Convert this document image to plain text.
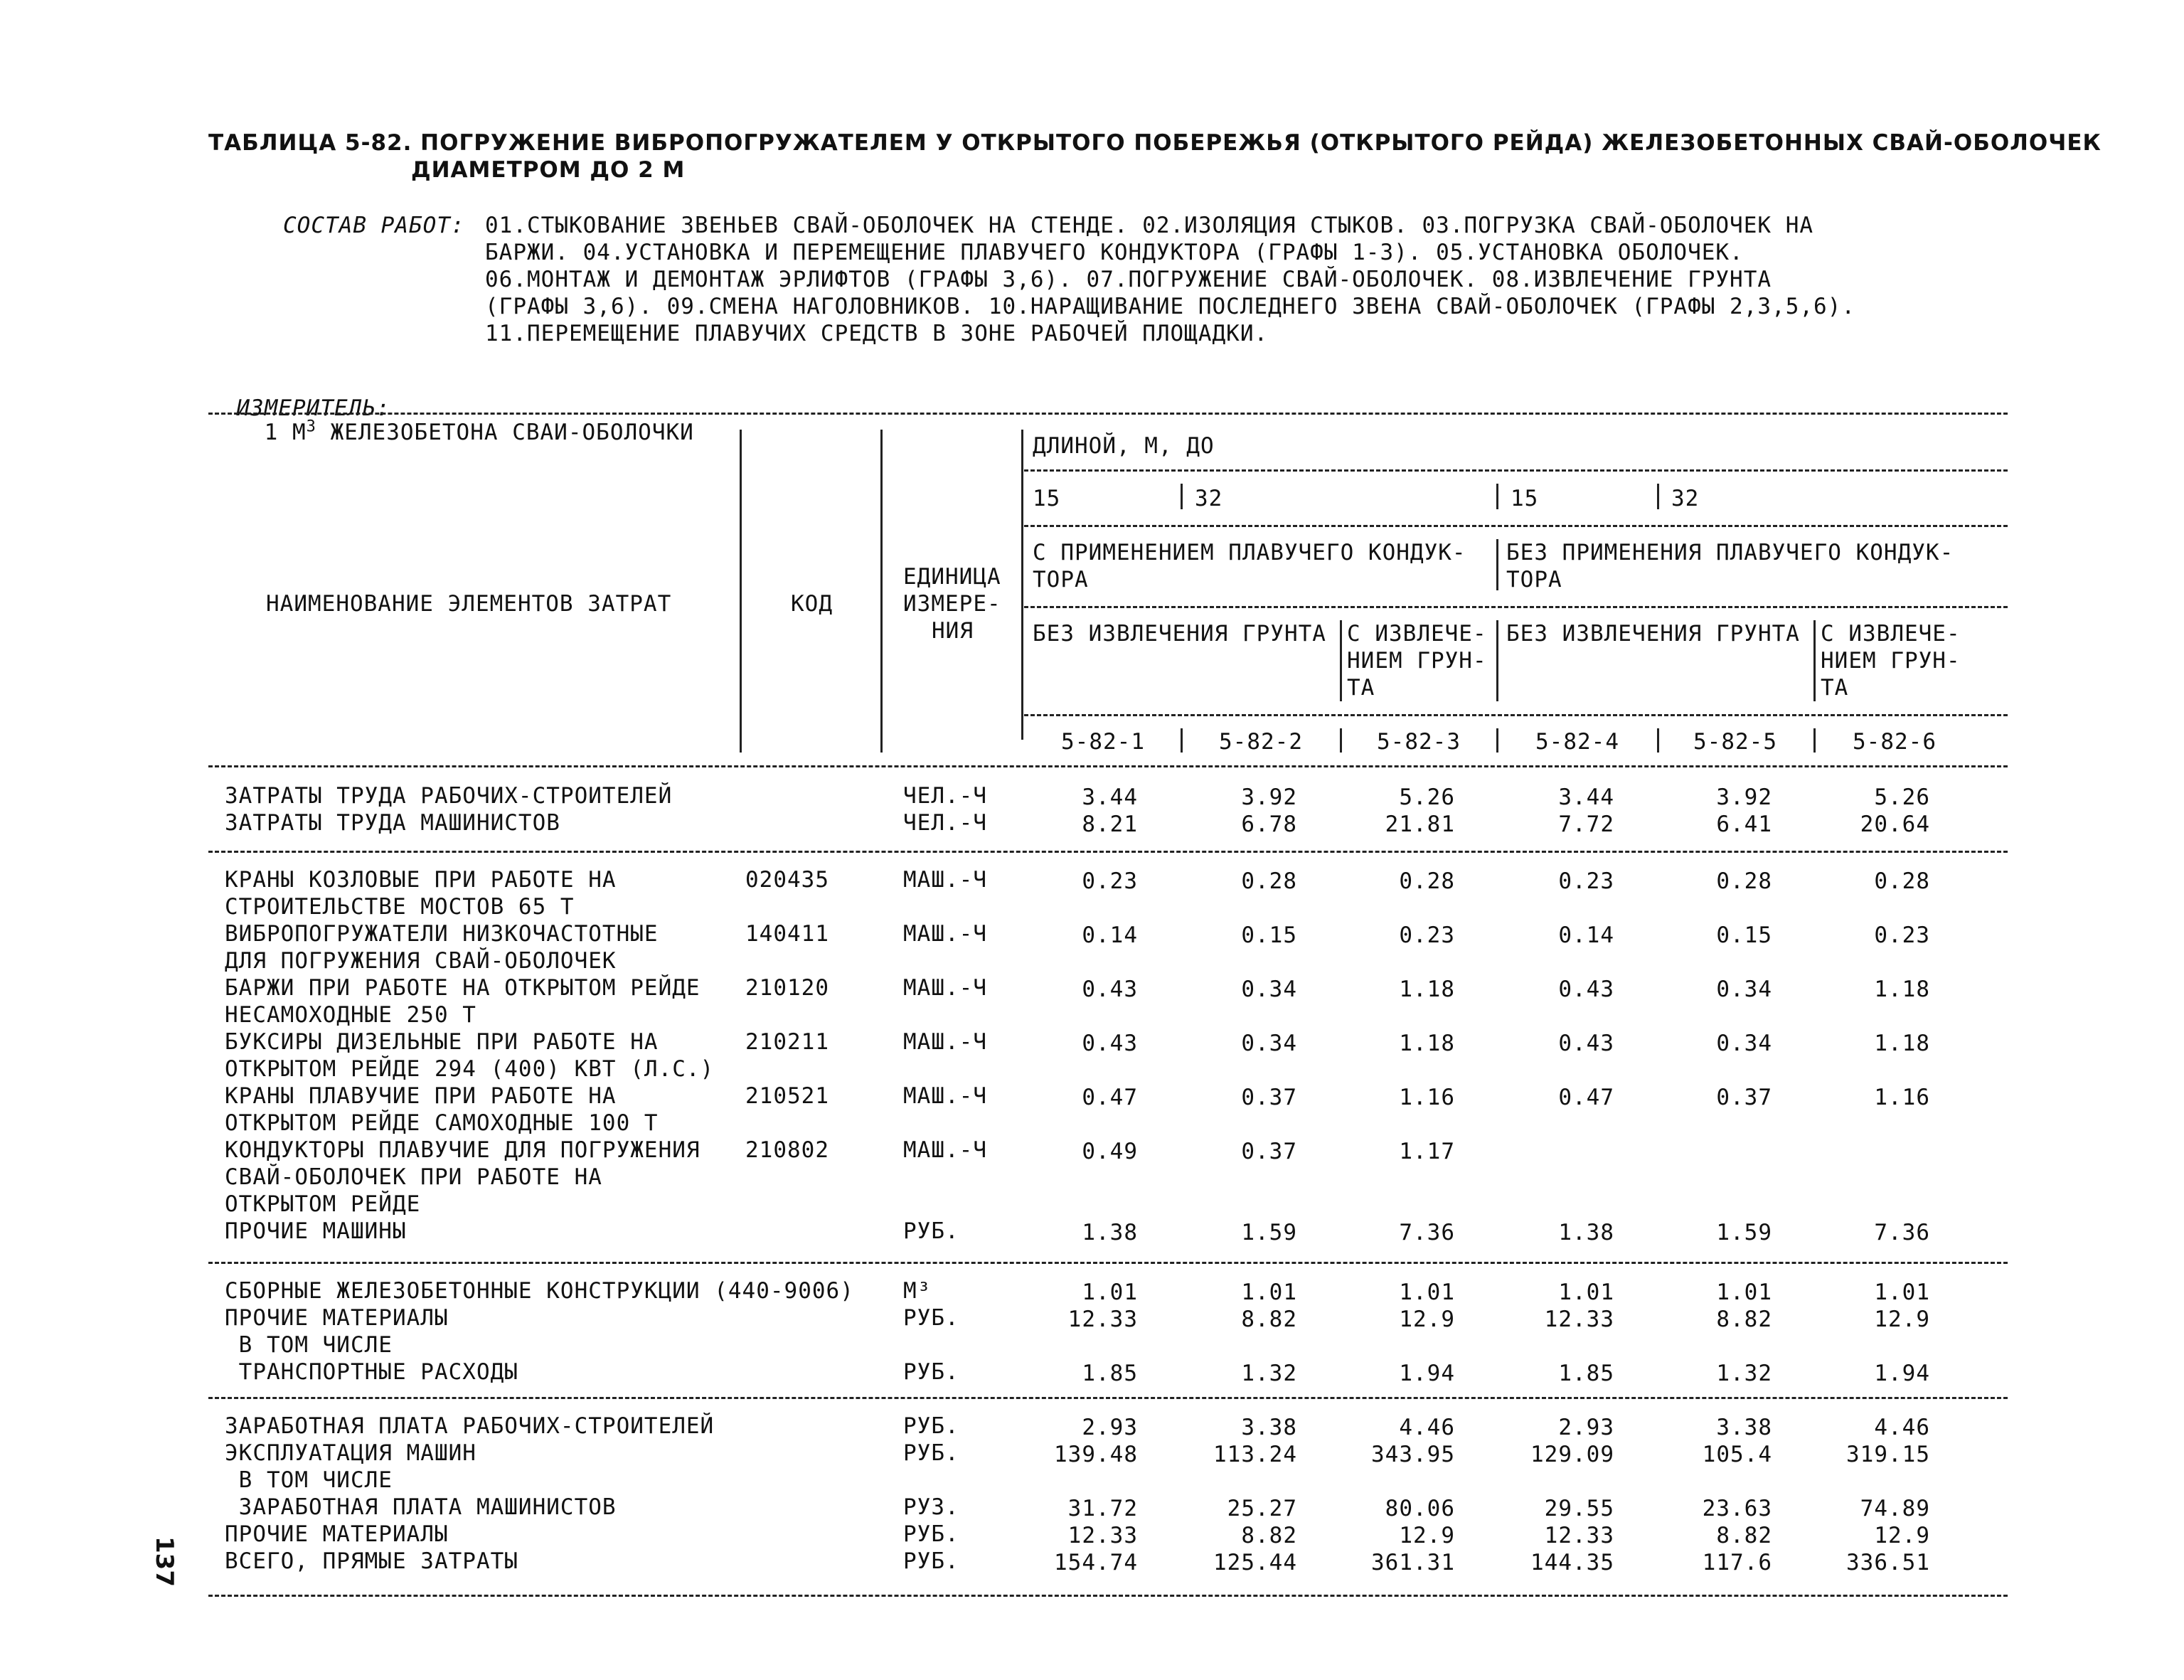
ТАБЛИЦА 5-82. ПОГРУЖЕНИЕ ВИБРОПОГРУЖАТЕЛЕМ У ОТКРЫТОГО ПОБЕРЕЖЬЯ (ОТКРЫТОГО РЕЙДА) ЖЕЛЕЗОБЕТОННЫХ СВАЙ-ОБОЛОЧЕК
ДИАМЕТРОМ ДО 2 М
СОСТАВ РАБОТ: 01.СТЫКОВАНИЕ ЗВЕНЬЕВ СВАЙ-ОБОЛОЧЕК НА СТЕНДЕ. 02.ИЗОЛЯЦИЯ СТЫКОВ. 03.ПОГРУЗКА СВАЙ-ОБОЛОЧЕК НА
БАРЖИ. 04.УСТАНОВКА И ПЕРЕМЕЩЕНИЕ ПЛАВУЧЕГО КОНДУКТОРА (ГРАФЫ 1-3). 05.УСТАНОВКА ОБОЛОЧЕК.
06.МОНТАЖ И ДЕМОНТАЖ ЭРЛИФТОВ (ГРАФЫ 3,6). 07.ПОГРУЖЕНИЕ СВАЙ-ОБОЛОЧЕК. 08.ИЗВЛЕЧЕНИЕ ГРУНТА
(ГРАФЫ 3,6). 09.СМЕНА НАГОЛОВНИКОВ. 10.НАРАЩИВАНИЕ ПОСЛЕДНЕГО ЗВЕНА СВАЙ-ОБОЛОЧЕК (ГРАФЫ 2,3,5,6).
11.ПЕРЕМЕЩЕНИЕ ПЛАВУЧИХ СРЕДСТВ В ЗОНЕ РАБОЧЕЙ ПЛОЩАДКИ.

ИЗМЕРИТЕЛЬ:
1 $М^3$ ЖЕЛЕЗОБЕТОНА СВАИ-ОБОЛОЧКИ

НАИМЕНОВАНИЕ ЭЛЕМЕНТОВ ЗАТРАТ	КОД
ЕДИНИЦА
ИЗМЕРЕ-
НИЯ
ДЛИНОЙ, М, ДО
15	32	15	32
С ПРИМЕНЕНИЕМ ПЛАВУЧЕГО КОНДУК-
ТОРА
БЕЗ ПРИМЕНЕНИЯ ПЛАВУЧЕГО КОНДУК-
ТОРА
БЕЗ ИЗВЛЕЧЕНИЯ ГРУНТА	БЕЗ ИЗВЛЕЧЕНИЯ ГРУНТА
С ИЗВЛЕЧЕ-
НИЕМ ГРУН-
ТА
С ИЗВЛЕЧЕ-
НИЕМ ГРУН-
ТА
5-82-1	5-82-2	5-82-3	5-82-4	5-82-5	5-82-6
ЗАТРАТЫ ТРУДА РАБОЧИХ-СТРОИТЕЛЕЙ	ЧЕЛ.-Ч	3.44	3.92	5.26	3.44	3.92	5.26
ЗАТРАТЫ ТРУДА МАШИНИСТОВ	ЧЕЛ.-Ч	8.21	6.78	21.81	7.72	6.41	20.64
КРАНЫ КОЗЛОВЫЕ ПРИ РАБОТЕ НА
СТРОИТЕЛЬСТВЕ МОСТОВ 65 Т
020435	МАШ.-Ч	0.23	0.28	0.28	0.23	0.28	0.28
ВИБРОПОГРУЖАТЕЛИ НИЗКОЧАСТОТНЫЕ
ДЛЯ ПОГРУЖЕНИЯ СВАЙ-ОБОЛОЧЕК
140411	МАШ.-Ч	0.14	0.15	0.23	0.14	0.15	0.23
БАРЖИ ПРИ РАБОТЕ НА ОТКРЫТОМ РЕЙДЕ
НЕСАМОХОДНЫЕ 250 Т
210120	МАШ.-Ч	0.43	0.34	1.18	0.43	0.34	1.18
БУКСИРЫ ДИЗЕЛЬНЫЕ ПРИ РАБОТЕ НА
ОТКРЫТОМ РЕЙДЕ 294 (400) КВТ (Л.С.)
210211	МАШ.-Ч	0.43	0.34	1.18	0.43	0.34	1.18
КРАНЫ ПЛАВУЧИЕ ПРИ РАБОТЕ НА
ОТКРЫТОМ РЕЙДЕ САМОХОДНЫЕ 100 Т
210521	МАШ.-Ч	0.47	0.37	1.16	0.47	0.37	1.16
КОНДУКТОРЫ ПЛАВУЧИЕ ДЛЯ ПОГРУЖЕНИЯ
СВАЙ-ОБОЛОЧЕК ПРИ РАБОТЕ НА
ОТКРЫТОМ РЕЙДЕ
210802	МАШ.-Ч	0.49	0.37	1.17
ПРОЧИЕ МАШИНЫ	РУБ.	1.38	1.59	7.36	1.38	1.59	7.36
СБОРНЫЕ ЖЕЛЕЗОБЕТОННЫЕ КОНСТРУКЦИИ (440-9006) М³	1.01	1.01	1.01	1.01	1.01	1.01
ПРОЧИЕ МАТЕРИАЛЫ	РУБ.	12.33	8.82	12.9	12.33	8.82	12.9
В ТОМ ЧИСЛЕ
ТРАНСПОРТНЫЕ РАСХОДЫ	РУБ.	1.85	1.32	1.94	1.85	1.32	1.94
ЗАРАБОТНАЯ ПЛАТА РАБОЧИХ-СТРОИТЕЛЕЙ	РУБ.	2.93	3.38	4.46	2.93	3.38	4.46
ЭКСПЛУАТАЦИЯ МАШИН	РУБ.	139.48	113.24	343.95	129.09	105.4	319.15
В ТОМ ЧИСЛЕ
ЗАРАБОТНАЯ ПЛАТА МАШИНИСТОВ	РУЗ.	31.72	25.27	80.06	29.55	23.63	74.89
ПРОЧИЕ МАТЕРИАЛЫ	РУБ.	12.33	8.82	12.9	12.33	8.82	12.9
ВСЕГО, ПРЯМЫЕ ЗАТРАТЫ	РУБ.	154.74	125.44	361.31	144.35	117.6	336.51
137
